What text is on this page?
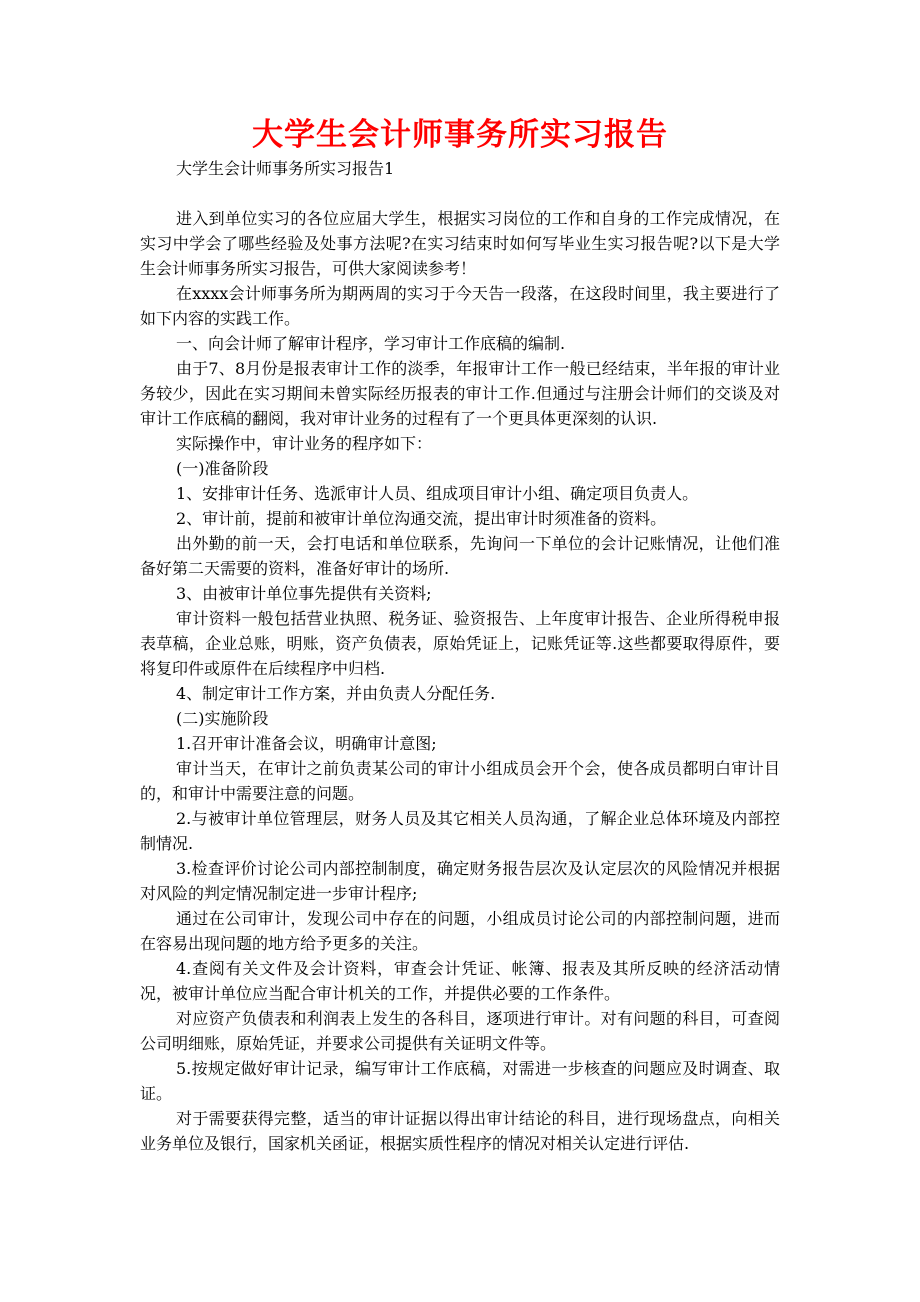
大学生会计师事务所实习报告

大学生会计师事务所实习报告1

进入到单位实习的各位应届大学生，根据实习岗位的工作和自身的工作完成情况，在实习中学会了哪些经验及处事方法呢?在实习结束时如何写毕业生实习报告呢?以下是大学生会计师事务所实习报告，可供大家阅读参考！

在xxxx会计师事务所为期两周的实习于今天告一段落，在这段时间里，我主要进行了如下内容的实践工作。

一、向会计师了解审计程序，学习审计工作底稿的编制.

由于7、8月份是报表审计工作的淡季，年报审计工作一般已经结束，半年报的审计业务较少，因此在实习期间未曾实际经历报表的审计工作.但通过与注册会计师们的交谈及对审计工作底稿的翻阅，我对审计业务的过程有了一个更具体更深刻的认识.

实际操作中，审计业务的程序如下：

(一)准备阶段

1、安排审计任务、选派审计人员、组成项目审计小组、确定项目负责人。

2、审计前，提前和被审计单位沟通交流，提出审计时须准备的资料。

出外勤的前一天，会打电话和单位联系，先询问一下单位的会计记账情况，让他们准备好第二天需要的资料，准备好审计的场所.

3、由被审计单位事先提供有关资料;

审计资料一般包括营业执照、税务证、验资报告、上年度审计报告、企业所得税申报表草稿，企业总账，明账，资产负债表，原始凭证上，记账凭证等.这些都要取得原件，要将复印件或原件在后续程序中归档.

4、制定审计工作方案，并由负责人分配任务.

(二)实施阶段

1.召开审计准备会议，明确审计意图;

审计当天，在审计之前负责某公司的审计小组成员会开个会，使各成员都明白审计目的，和审计中需要注意的问题。

2.与被审计单位管理层，财务人员及其它相关人员沟通，了解企业总体环境及内部控制情况.

3.检查评价讨论公司内部控制制度，确定财务报告层次及认定层次的风险情况并根据对风险的判定情况制定进一步审计程序;

通过在公司审计，发现公司中存在的问题，小组成员讨论公司的内部控制问题，进而在容易出现问题的地方给予更多的关注。

4.查阅有关文件及会计资料，审查会计凭证、帐簿、报表及其所反映的经济活动情况，被审计单位应当配合审计机关的工作，并提供必要的工作条件。

对应资产负债表和利润表上发生的各科目，逐项进行审计。对有问题的科目，可查阅公司明细账，原始凭证，并要求公司提供有关证明文件等。

5.按规定做好审计记录，编写审计工作底稿，对需进一步核查的问题应及时调查、取证。

对于需要获得完整，适当的审计证据以得出审计结论的科目，进行现场盘点，向相关业务单位及银行，国家机关函证，根据实质性程序的情况对相关认定进行评估.
